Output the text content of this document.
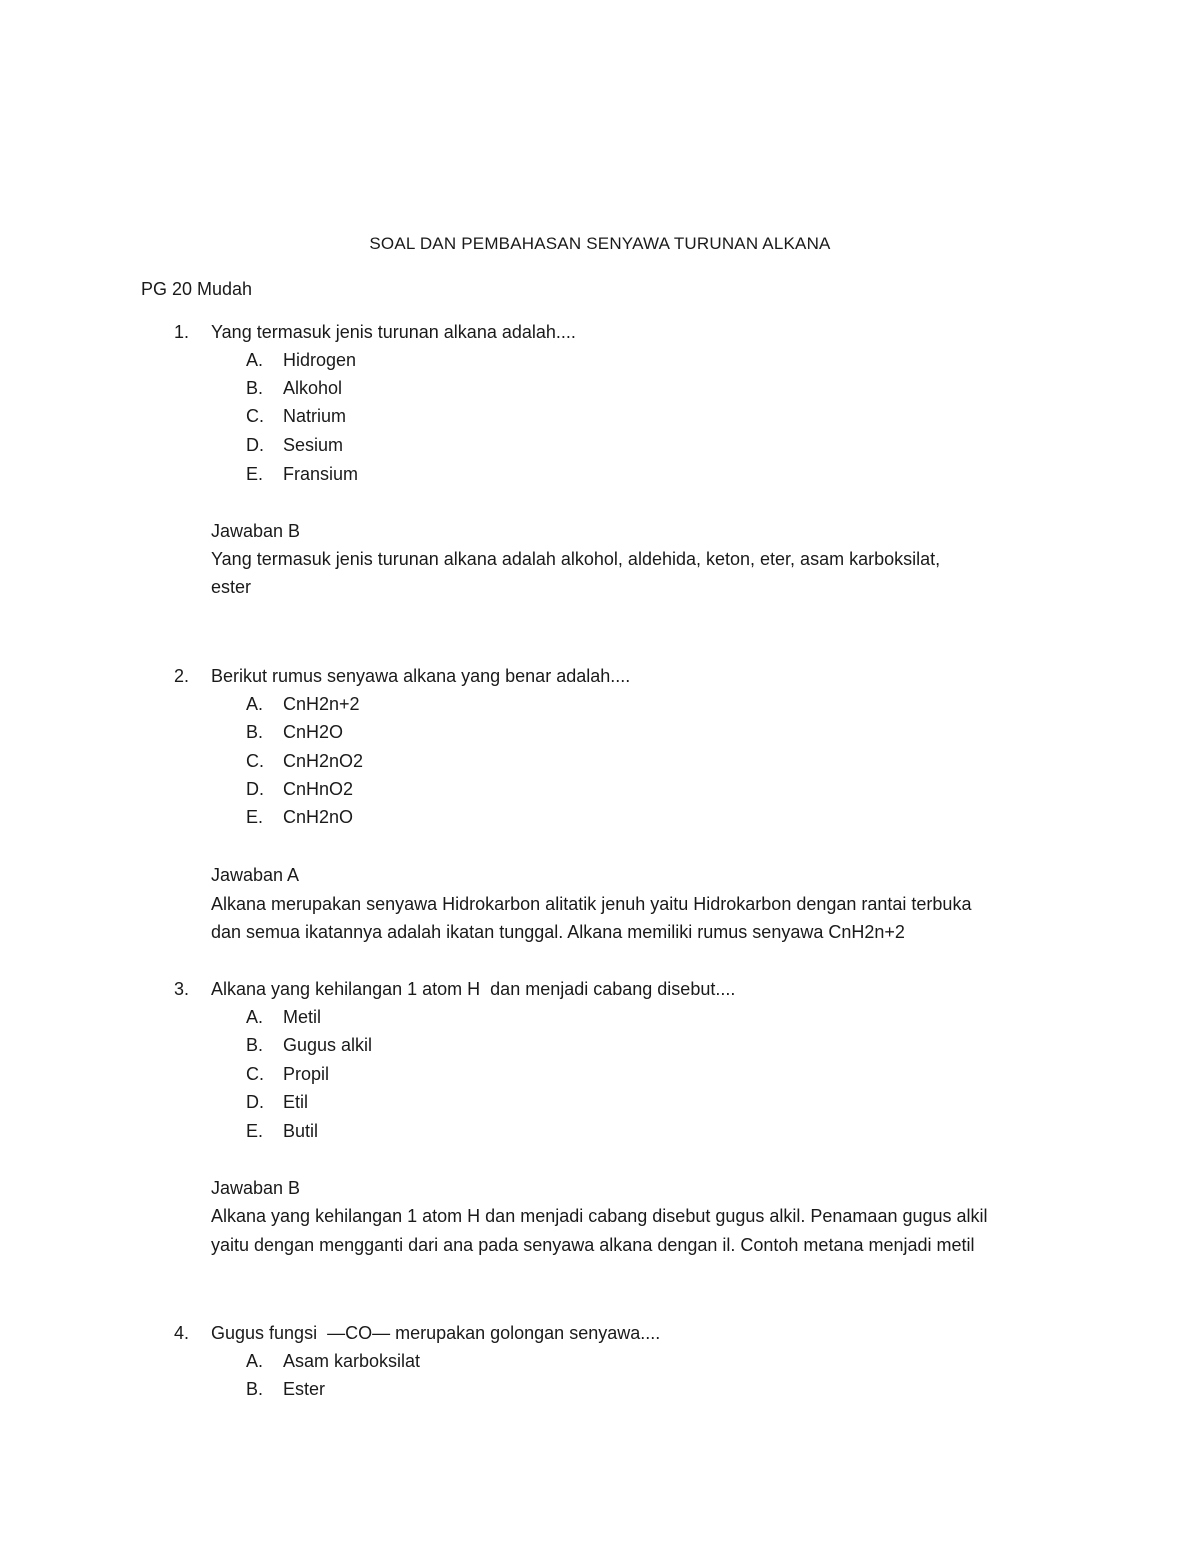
SOAL DAN PEMBAHASAN SENYAWA TURUNAN ALKANA
PG 20 Mudah
1.	Yang termasuk jenis turunan alkana adalah....
A.	Hidrogen
B.	Alkohol
C.	Natrium
D.	Sesium
E.	Fransium
Jawaban B
Yang termasuk jenis turunan alkana adalah alkohol, aldehida, keton, eter, asam karboksilat,
ester
2.	Berikut rumus senyawa alkana yang benar adalah....
A.	CnH2n+2
B.	CnH2O
C.	CnH2nO2
D.	CnHnO2
E.	CnH2nO
Jawaban A
Alkana merupakan senyawa Hidrokarbon alitatik jenuh yaitu Hidrokarbon dengan rantai terbuka
dan semua ikatannya adalah ikatan tunggal. Alkana memiliki rumus senyawa CnH2n+2
3.	Alkana yang kehilangan 1 atom H  dan menjadi cabang disebut....
A.	Metil
B.	Gugus alkil
C.	Propil
D.	Etil
E.	Butil
Jawaban B
Alkana yang kehilangan 1 atom H dan menjadi cabang disebut gugus alkil. Penamaan gugus alkil
yaitu dengan mengganti dari ana pada senyawa alkana dengan il. Contoh metana menjadi metil
4.	Gugus fungsi  —CO— merupakan golongan senyawa....
A.	Asam karboksilat
B.	Ester
